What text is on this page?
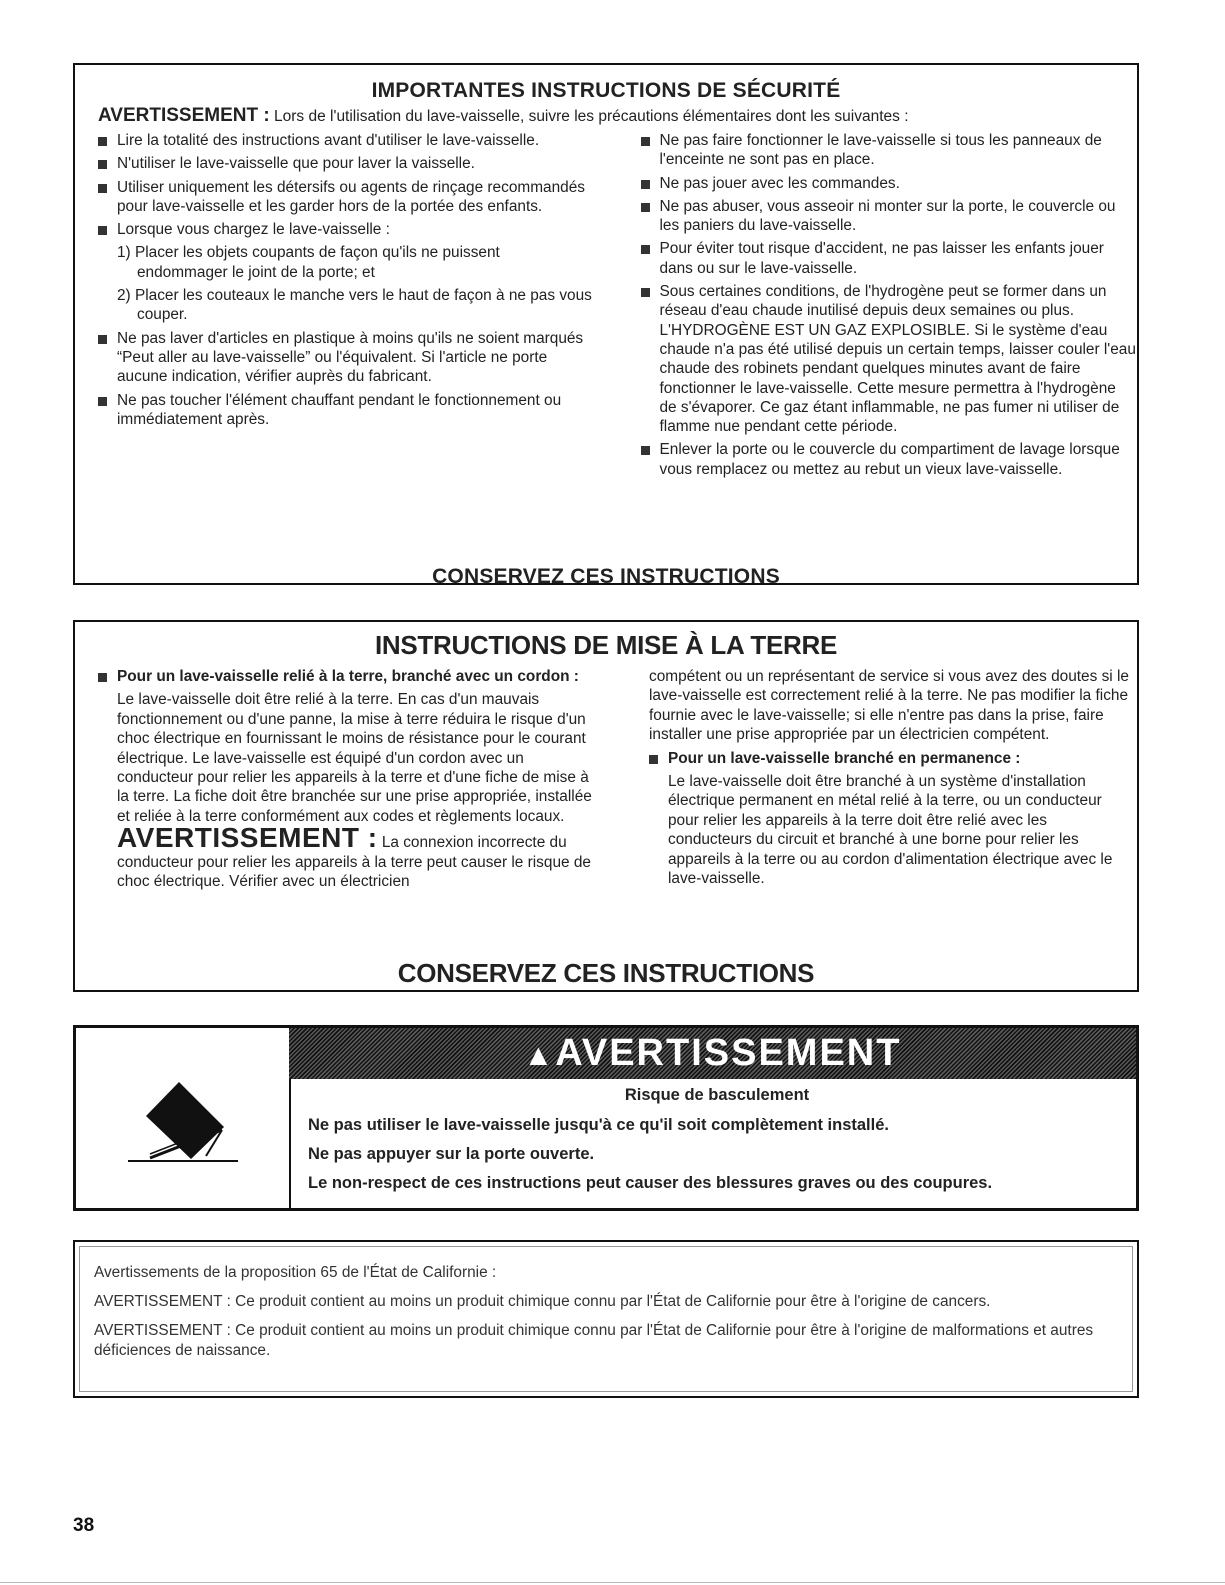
IMPORTANTES INSTRUCTIONS DE SÉCURITÉ
AVERTISSEMENT : Lors de l'utilisation du lave-vaisselle, suivre les précautions élémentaires dont les suivantes :
Lire la totalité des instructions avant d'utiliser le lave-vaisselle.
N'utiliser le lave-vaisselle que pour laver la vaisselle.
Utiliser uniquement les détersifs ou agents de rinçage recommandés pour lave-vaisselle et les garder hors de la portée des enfants.
Lorsque vous chargez le lave-vaisselle :
1) Placer les objets coupants de façon qu'ils ne puissent endommager le joint de la porte; et
2) Placer les couteaux le manche vers le haut de façon à ne pas vous couper.
Ne pas laver d'articles en plastique à moins qu'ils ne soient marqués “Peut aller au lave-vaisselle” ou l'équivalent. Si l'article ne porte aucune indication, vérifier auprès du fabricant.
Ne pas toucher l'élément chauffant pendant le fonctionnement ou immédiatement après.
Ne pas faire fonctionner le lave-vaisselle si tous les panneaux de l'enceinte ne sont pas en place.
Ne pas jouer avec les commandes.
Ne pas abuser, vous asseoir ni monter sur la porte, le couvercle ou les paniers du lave-vaisselle.
Pour éviter tout risque d'accident, ne pas laisser les enfants jouer dans ou sur le lave-vaisselle.
Sous certaines conditions, de l'hydrogène peut se former dans un réseau d'eau chaude inutilisé depuis deux semaines ou plus. L'HYDROGÈNE EST UN GAZ EXPLOSIBLE. Si le système d'eau chaude n'a pas été utilisé depuis un certain temps, laisser couler l'eau chaude des robinets pendant quelques minutes avant de faire fonctionner le lave-vaisselle. Cette mesure permettra à l'hydrogène de s'évaporer. Ce gaz étant inflammable, ne pas fumer ni utiliser de flamme nue pendant cette période.
Enlever la porte ou le couvercle du compartiment de lavage lorsque vous remplacez ou mettez au rebut un vieux lave-vaisselle.
CONSERVEZ CES INSTRUCTIONS
INSTRUCTIONS DE MISE À LA TERRE
Pour un lave-vaisselle relié à la terre, branché avec un cordon :
Le lave-vaisselle doit être relié à la terre. En cas d'un mauvais fonctionnement ou d'une panne, la mise à terre réduira le risque d'un choc électrique en fournissant le moins de résistance pour le courant électrique. Le lave-vaisselle est équipé d'un cordon avec un conducteur pour relier les appareils à la terre et d'une fiche de mise à la terre. La fiche doit être branchée sur une prise appropriée, installée et reliée à la terre conformément aux codes et règlements locaux.
AVERTISSEMENT : La connexion incorrecte du conducteur pour relier les appareils à la terre peut causer le risque de choc électrique. Vérifier avec un électricien
compétent ou un représentant de service si vous avez des doutes si le lave-vaisselle est correctement relié à la terre. Ne pas modifier la fiche fournie avec le lave-vaisselle; si elle n'entre pas dans la prise, faire installer une prise appropriée par un électricien compétent.
Pour un lave-vaisselle branché en permanence :
Le lave-vaisselle doit être branché à un système d'installation électrique permanent en métal relié à la terre, ou un conducteur pour relier les appareils à la terre doit être relié avec les conducteurs du circuit et branché à une borne pour relier les appareils à la terre ou au cordon d'alimentation électrique avec le lave-vaisselle.
CONSERVEZ CES INSTRUCTIONS
▲AVERTISSEMENT
Risque de basculement

Ne pas utiliser le lave-vaisselle jusqu'à ce qu'il soit complètement installé.

Ne pas appuyer sur la porte ouverte.

Le non-respect de ces instructions peut causer des blessures graves ou des coupures.

Avertissements de la proposition 65 de l'État de Californie :

AVERTISSEMENT : Ce produit contient au moins un produit chimique connu par l'État de Californie pour être à l'origine de cancers.

AVERTISSEMENT : Ce produit contient au moins un produit chimique connu par l'État de Californie pour être à l'origine de malformations et autres déficiences de naissance.

38
